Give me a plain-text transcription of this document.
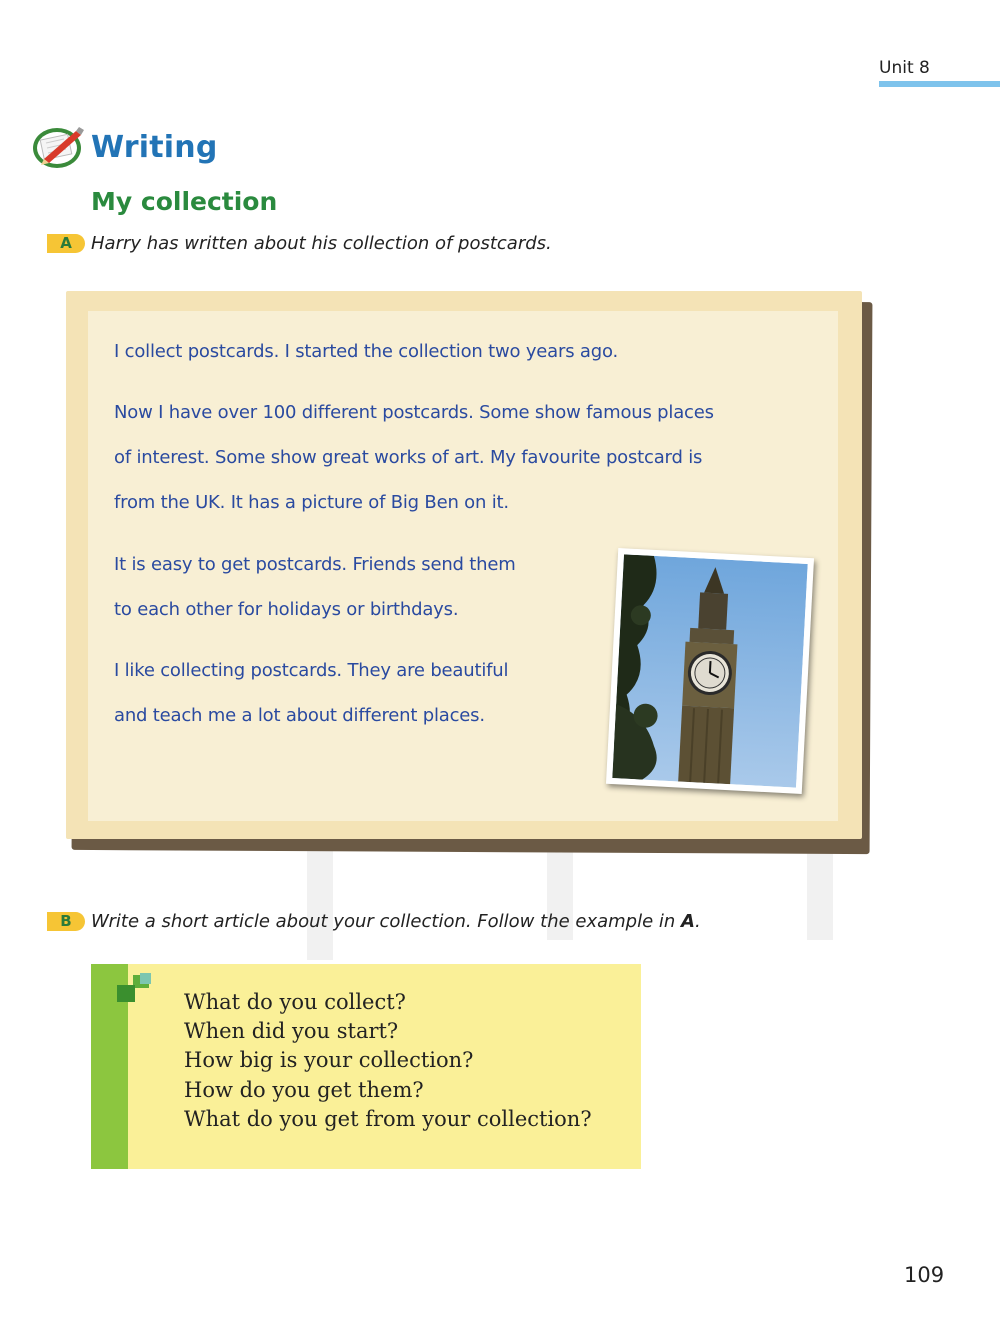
Unit 8
Writing
My collection
A	Harry has written about his collection of postcards.

I collect postcards. I started the collection two years ago.

Now I have over 100 different postcards. Some show famous places

of interest. Some show great works of art. My favourite postcard is

from the UK. It has a picture of Big Ben on it.

It is easy to get postcards. Friends send them

to each other for holidays or birthdays.

I like collecting postcards. They are beautiful

and teach me a lot about different places.

B	Write a short article about your collection. Follow the example in A.
What do you collect?
When did you start?
How big is your collection?
How do you get them?
What do you get from your collection?
109
